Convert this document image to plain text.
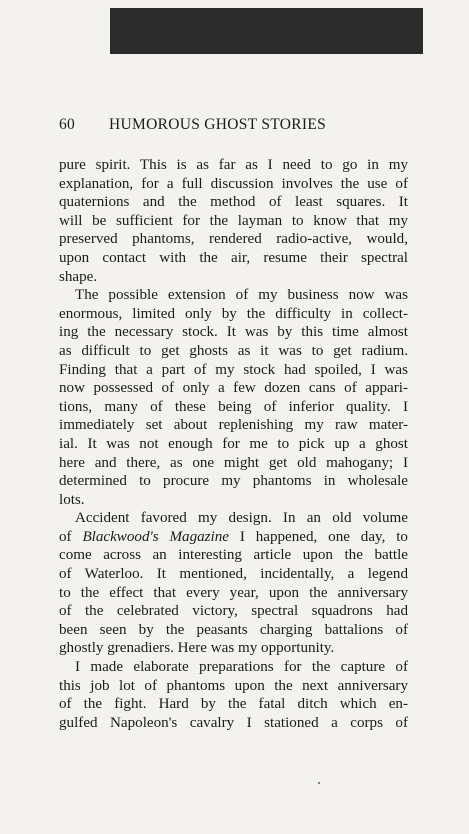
60 HUMOROUS GHOST STORIES
pure spirit. This is as far as I need to go in my
explanation, for a full discussion involves the use of
quaternions and the method of least squares. It
will be sufficient for the layman to know that my
preserved phantoms, rendered radio-active, would,
upon contact with the air, resume their spectral
shape.
The possible extension of my business now was
enormous, limited only by the difficulty in collect-
ing the necessary stock. It was by this time almost
as difficult to get ghosts as it was to get radium.
Finding that a part of my stock had spoiled, I was
now possessed of only a few dozen cans of appari-
tions, many of these being of inferior quality. I
immediately set about replenishing my raw mater-
ial. It was not enough for me to pick up a ghost
here and there, as one might get old mahogany; I
determined to procure my phantoms in wholesale
lots.
Accident favored my design. In an old volume
of Blackwood's Magazine I happened, one day, to
come across an interesting article upon the battle
of Waterloo. It mentioned, incidentally, a legend
to the effect that every year, upon the anniversary
of the celebrated victory, spectral squadrons had
been seen by the peasants charging battalions of
ghostly grenadiers. Here was my opportunity.
I made elaborate preparations for the capture of
this job lot of phantoms upon the next anniversary
of the fight. Hard by the fatal ditch which en-
gulfed Napoleon's cavalry I stationed a corps of
